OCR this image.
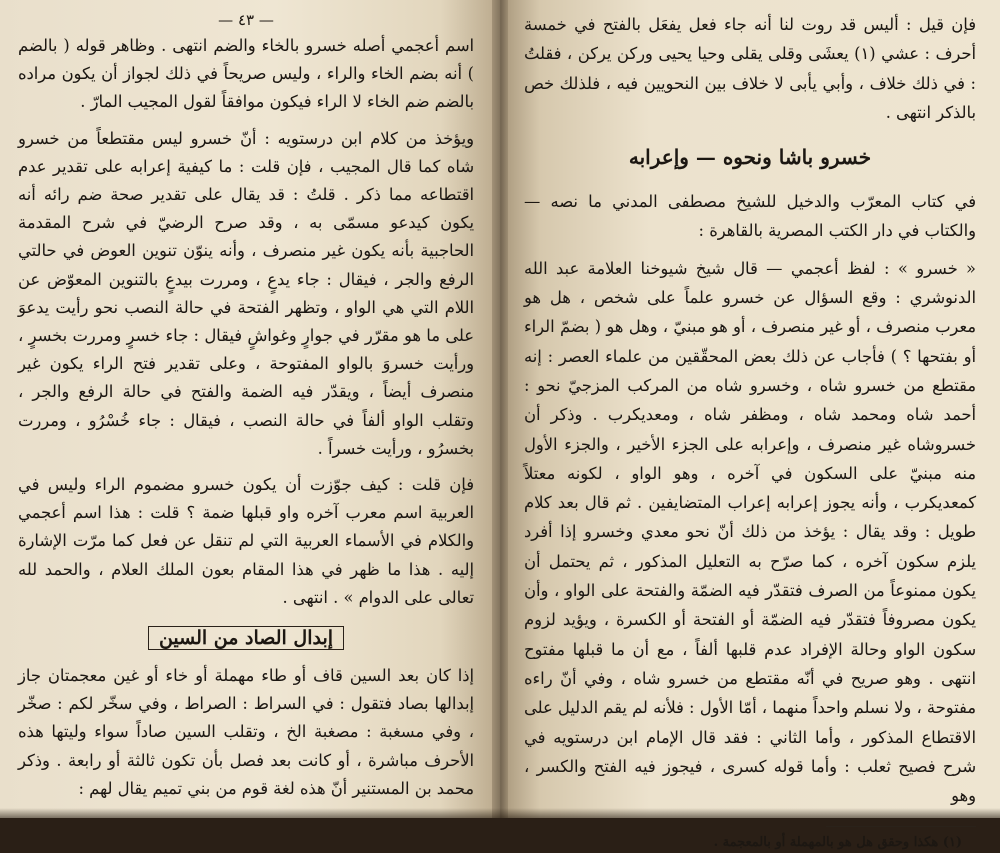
— ٤٣ —

اسم أعجمي أصله خسرو بالخاء والضم انتهى . وظاهر قوله ( بالضم ) أنه بضم الخاء والراء ، وليس صريحاً في ذلك لجواز أن يكون مراده بالضم ضم الخاء لا الراء فيكون موافقاً لقول المجيب المارّ .

ويؤخذ من كلام ابن درستويه : أنّ خسرو ليس مقتطعاً من خسرو شاه كما قال المجيب ، فإن قلت : ما كيفية إعرابه على تقدير عدم اقتطاعه مما ذكر . قلتُ : قد يقال على تقدير صحة ضم رائه أنه يكون كيدعو مسمّى به ، وقد صرح الرضيّ في شرح المقدمة الحاجبية بأنه يكون غير منصرف ، وأنه ينوّن تنوين العوض في حالتي الرفع والجر ، فيقال : جاء يدعٍ ، ومررت بيدعٍ بالتنوين المعوّض عن اللام التي هي الواو ، وتظهر الفتحة في حالة النصب نحو رأيت يدعوَ على ما هو مقرّر في جوارٍ وغواشٍ فيقال : جاء خسرٍ ومررت بخسرٍ ، ورأيت خسروَ بالواو المفتوحة ، وعلى تقدير فتح الراء يكون غير منصرف أيضاً ، ويقدّر فيه الضمة والفتح في حالة الرفع والجر ، وتقلب الواو ألفاً في حالة النصب ، فيقال : جاء خُسْرُو ، ومررت بخسرُو ، ورأيت خسراً .

فإن قلت : كيف جوّزت أن يكون خسرو مضموم الراء وليس في العربية اسم معرب آخره واو قبلها ضمة ؟ قلت : هذا اسم أعجمي والكلام في الأسماء العربية التي لم تنقل عن فعل كما مرّت الإشارة إليه . هذا ما ظهر في هذا المقام بعون الملك العلام ، والحمد لله تعالى على الدوام » . انتهى .

إبدال الصاد من السين

إذا كان بعد السين قاف أو طاء مهملة أو خاء أو غين معجمتان جاز إبدالها بصاد فتقول : في السراط : الصراط ، وفي سخّر لكم : صخّر ، وفي مسغبة : مصغبة الخ ، وتقلب السين صاداً سواء وليتها هذه الأحرف مباشرة ، أو كانت بعد فصل بأن تكون ثالثة أو رابعة . وذكر محمد بن المستنير أنّ هذه لغة قوم من بني تميم يقال لهم :

فإن قيل : أليس قد روت لنا أنه جاء فعل يفعَل بالفتح في خمسة أحرف : عشي (١) يعشَى وقلى يقلى وحيا يحيى وركن يركن ، فقلتُ : في ذلك خلاف ، وأبي يأبى لا خلاف بين النحويين فيه ، فلذلك خص بالذكر انتهى .

خسرو باشا ونحوه — وإعرابه

في كتاب المعرّب والدخيل للشيخ مصطفى المدني ما نصه — والكتاب في دار الكتب المصرية بالقاهرة :

« خسرو » : لفظ أعجمي — قال شيخ شيوخنا العلامة عبد الله الدنوشري : وقع السؤال عن خسرو علماً على شخص ، هل هو معرب منصرف ، أو غير منصرف ، أو هو مبنيّ ، وهل هو ( بضمّ الراء أو بفتحها ؟ ) فأجاب عن ذلك بعض المحقّقين من علماء العصر : إنه مقتطع من خسرو شاه ، وخسرو شاه من المركب المزجيّ نحو : أحمد شاه ومحمد شاه ، ومظفر شاه ، ومعديكرب . وذكر أن خسروشاه غير منصرف ، وإعرابه على الجزء الأخير ، والجزء الأول منه مبنيّ على السكون في آخره ، وهو الواو ، لكونه معتلاً كمعديكرب ، وأنه يجوز إعرابه إعراب المتضايفين . ثم قال بعد كلام طويل : وقد يقال : يؤخذ من ذلك أنّ نحو معدي وخسرو إذا أفرد يلزم سكون آخره ، كما صرّح به التعليل المذكور ، ثم يحتمل أن يكون ممنوعاً من الصرف فتقدّر فيه الضمّة والفتحة على الواو ، وأن يكون مصروفاً فتقدّر فيه الضمّة أو الفتحة أو الكسرة ، ويؤيد لزوم سكون الواو وحالة الإفراد عدم قلبها ألفاً ، مع أن ما قبلها مفتوح انتهى . وهو صريح في أنّه مقتطع من خسرو شاه ، وفي أنّ راءه مفتوحة ، ولا نسلم واحداً منهما ، أمّا الأول : فلأنه لم يقم الدليل على الاقتطاع المذكور ، وأما الثاني : فقد قال الإمام ابن درستويه في شرح فصيح ثعلب : وأما قوله كسرى ، فيجوز فيه الفتح والكسر ، وهو

(١) هكذا وحقق هل هو بالمهملة أو بالمعجمة .
